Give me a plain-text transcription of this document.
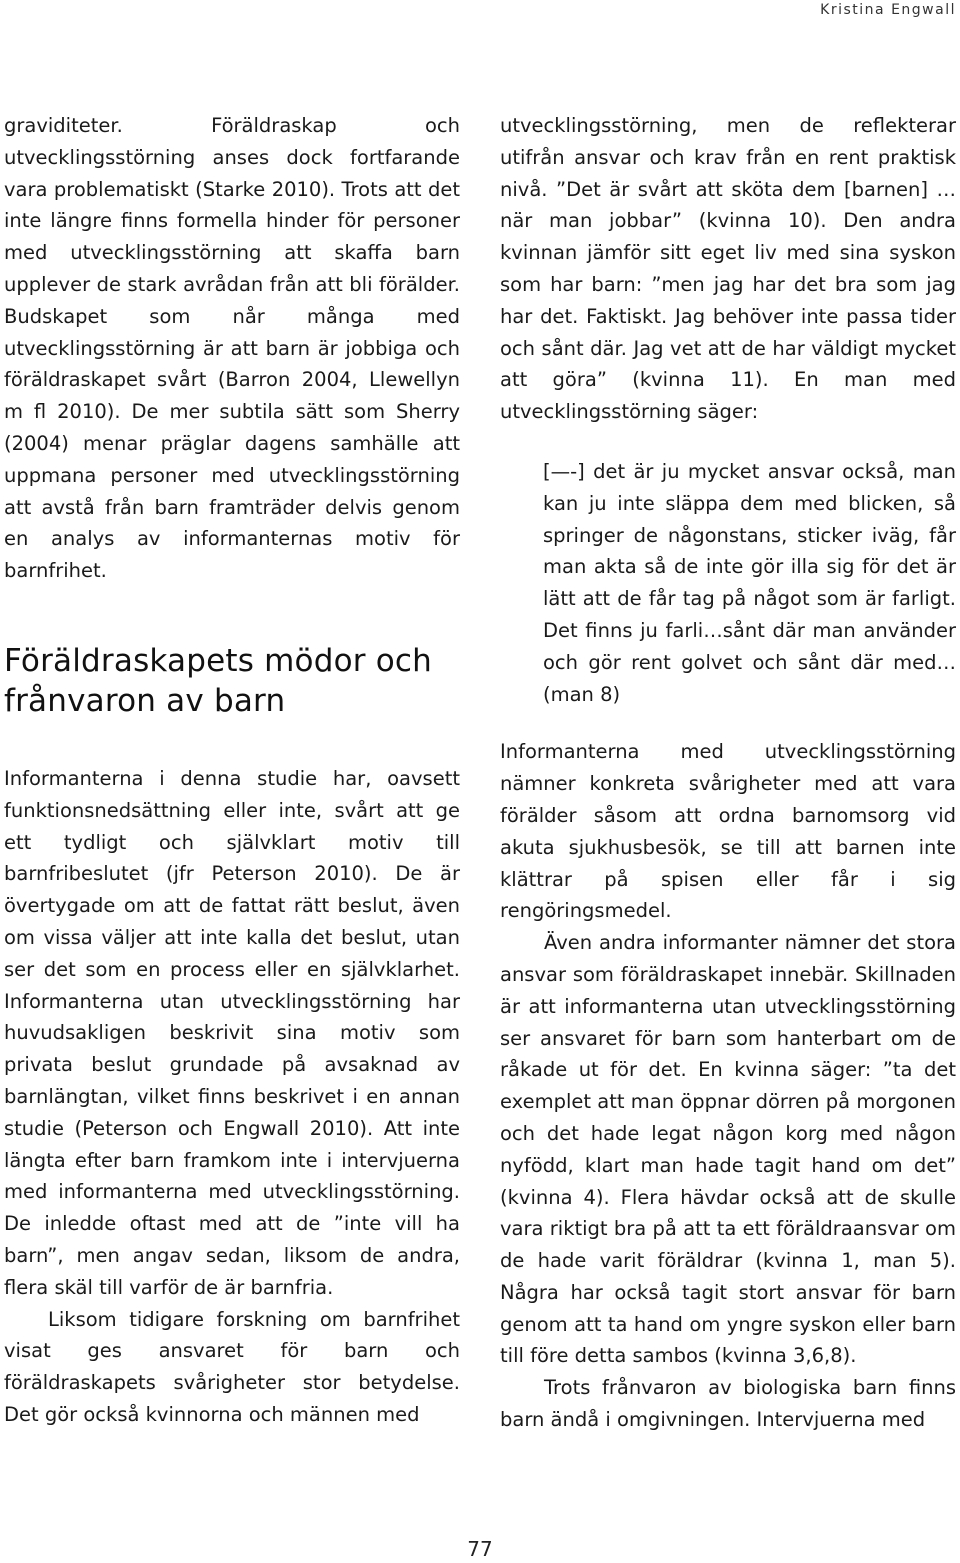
Kristina Engwall

graviditeter. Föräldraskap och utvecklingsstörning anses dock fortfarande vara problematiskt (Starke 2010). Trots att det inte längre finns formella hinder för personer med utvecklingsstörning att skaffa barn upplever de stark avrådan från att bli förälder. Budskapet som når många med utvecklingsstörning är att barn är jobbiga och föräldraskapet svårt (Barron 2004, Llewellyn m fl 2010). De mer subtila sätt som Sherry (2004) menar präglar dagens samhälle att uppmana personer med utvecklingsstörning att avstå från barn framträder delvis genom en analys av informanternas motiv för barnfrihet.

Föräldraskapets mödor och frånvaron av barn

Informanterna i denna studie har, oavsett funktionsnedsättning eller inte, svårt att ge ett tydligt och självklart motiv till barnfribeslutet (jfr Peterson 2010). De är övertygade om att de fattat rätt beslut, även om vissa väljer att inte kalla det beslut, utan ser det som en process eller en självklarhet. Informanterna utan utvecklingsstörning har huvudsakligen beskrivit sina motiv som privata beslut grundade på avsaknad av barnlängtan, vilket finns beskrivet i en annan studie (Peterson och Engwall 2010). Att inte längta efter barn framkom inte i intervjuerna med informanterna med utvecklingsstörning. De inledde oftast med att de ”inte vill ha barn”, men angav sedan, liksom de andra, flera skäl till varför de är barnfria.

Liksom tidigare forskning om barnfrihet visat ges ansvaret för barn och föräldraskapets svårigheter stor betydelse. Det gör också kvinnorna och männen med

utvecklingsstörning, men de reflekterar utifrån ansvar och krav från en rent praktisk nivå. ”Det är svårt att sköta dem [barnen] … när man jobbar” (kvinna 10). Den andra kvinnan jämför sitt eget liv med sina syskon som har barn: ”men jag har det bra som jag har det. Faktiskt. Jag behöver inte passa tider och sånt där. Jag vet att de har väldigt mycket att göra” (kvinna 11). En man med utvecklingsstörning säger:

[—-] det är ju mycket ansvar också, man kan ju inte släppa dem med blicken, så springer de någonstans, sticker iväg, får man akta så de inte gör illa sig för det är lätt att de får tag på något som är farligt. Det finns ju farli…sånt där man använder och gör rent golvet och sånt där med… (man 8)

Informanterna med utvecklingsstörning nämner konkreta svårigheter med att vara förälder såsom att ordna barnomsorg vid akuta sjukhusbesök, se till att barnen inte klättrar på spisen eller får i sig rengöringsmedel.

Även andra informanter nämner det stora ansvar som föräldraskapet innebär. Skillnaden är att informanterna utan utvecklingsstörning ser ansvaret för barn som hanterbart om de råkade ut för det. En kvinna säger: ”ta det exemplet att man öppnar dörren på morgonen och det hade legat någon korg med någon nyfödd, klart man hade tagit hand om det” (kvinna 4). Flera hävdar också att de skulle vara riktigt bra på att ta ett föräldraansvar om de hade varit föräldrar (kvinna 1, man 5). Några har också tagit stort ansvar för barn genom att ta hand om yngre syskon eller barn till före detta sambos (kvinna 3,6,8).

Trots frånvaron av biologiska barn finns barn ändå i omgivningen. Intervjuerna med

77
